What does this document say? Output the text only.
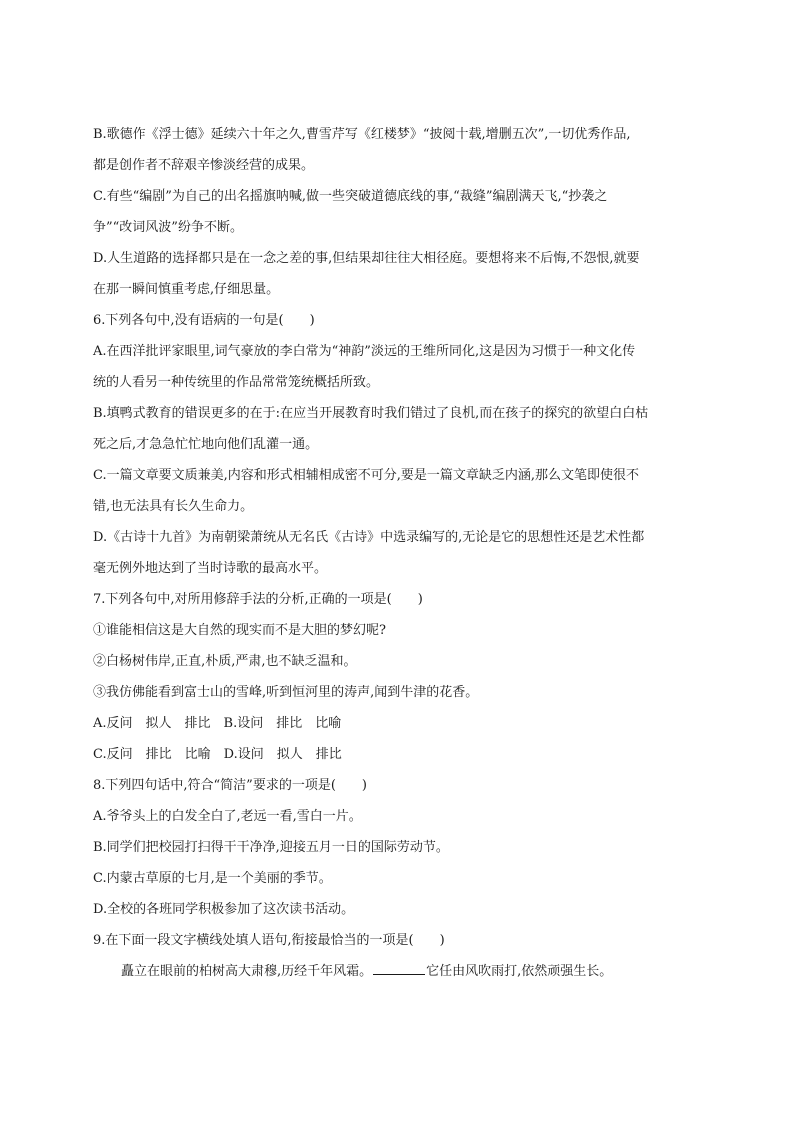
B.歌德作《浮士德》延续六十年之久,曹雪芹写《红楼梦》“披阅十载,增删五次”,一切优秀作品,
都是创作者不辞艰辛惨淡经营的成果。
C.有些“编剧”为自己的出名摇旗呐喊,做一些突破道德底线的事,“裁缝”编剧满天飞,“抄袭之
争”“改词风波”纷争不断。
D.人生道路的选择都只是在一念之差的事,但结果却往往大相径庭。要想将来不后悔,不怨恨,就要
在那一瞬间慎重考虑,仔细思量。
6.下列各句中,没有语病的一句是(　　)
A.在西洋批评家眼里,词气豪放的李白常为“神韵”淡远的王维所同化,这是因为习惯于一种文化传
统的人看另一种传统里的作品常常笼统概括所致。
B.填鸭式教育的错误更多的在于:在应当开展教育时我们错过了良机,而在孩子的探究的欲望白白枯
死之后,才急急忙忙地向他们乱灌一通。
C.一篇文章要文质兼美,内容和形式相辅相成密不可分,要是一篇文章缺乏内涵,那么文笔即使很不
错,也无法具有长久生命力。
D.《古诗十九首》为南朝梁萧统从无名氏《古诗》中选录编写的,无论是它的思想性还是艺术性都
毫无例外地达到了当时诗歌的最高水平。
7.下列各句中,对所用修辞手法的分析,正确的一项是(　　)
①谁能相信这是大自然的现实而不是大胆的梦幻呢?
②白杨树伟岸,正直,朴质,严肃,也不缺乏温和。
③我仿佛能看到富士山的雪峰,听到恒河里的涛声,闻到牛津的花香。
A.反问　拟人　排比　B.设问　排比　比喻
C.反问　排比　比喻　D.设问　拟人　排比
8.下列四句话中,符合“简洁”要求的一项是(　　)
A.爷爷头上的白发全白了,老远一看,雪白一片。
B.同学们把校园打扫得干干净净,迎接五月一日的国际劳动节。
C.内蒙古草原的七月,是一个美丽的季节。
D.全校的各班同学积极参加了这次读书活动。
9.在下面一段文字横线处填人语句,衔接最恰当的一项是(　　)
矗立在眼前的柏树高大肃穆,历经千年风霜。	它任由风吹雨打,依然顽强生长。
